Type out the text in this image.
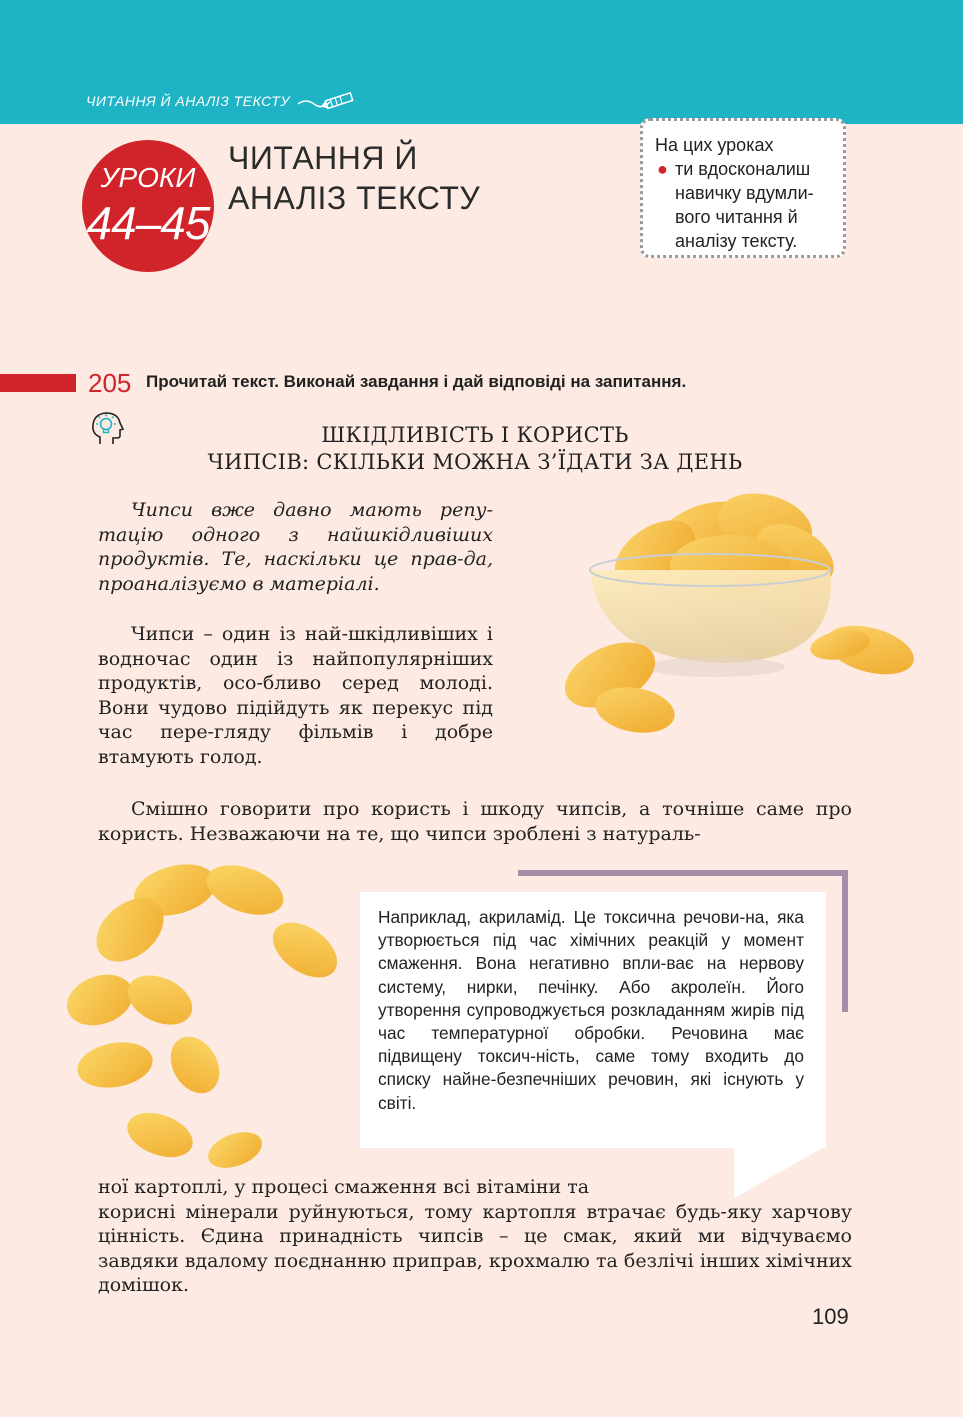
ЧИТАННЯ Й АНАЛІЗ ТЕКСТУ
УРОКИ
44–45
ЧИТАННЯ Й
АНАЛІЗ ТЕКСТУ
На цих уроках
● ти вдосконалиш навичку вдумли-вого читання й аналізу тексту.
205 Прочитай текст. Виконай завдання і дай відповіді на запитання.
ШКІДЛИВІСТЬ І КОРИСТЬ
ЧИПСІВ: СКІЛЬКИ МОЖНА З’ЇДАТИ ЗА ДЕНЬ
Чипси вже давно мають репу-тацію одного з найшкідливіших продуктів. Те, наскільки це прав-да, проаналізуємо в матеріалі.
Чипси – один із най-шкідливіших і водночас один із найпопулярніших продуктів, осо-бливо серед молоді. Вони чудово підійдуть як перекус під час пере-гляду фільмів і добре втамують голод.
Смішно говорити про користь і шкоду чипсів, а точніше саме про користь. Незважаючи на те, що чипси зроблені з натураль-
Наприклад, акриламід. Це токсична речови-на, яка утворюється під час хімічних реакцій у момент смаження. Вона негативно впли-ває на нервову систему, нирки, печінку. Або акролеїн. Його утворення супроводжується розкладанням жирів під час температурної обробки. Речовина має підвищену токсич-ність, саме тому входить до списку найне-безпечніших речовин, які існують у світі.
ної картоплі, у процесі смаження всі вітаміни та
корисні мінерали руйнуються, тому картопля втрачає будь-яку харчову цінність. Єдина принадність чипсів – це смак, який ми відчуваємо завдяки вдалому поєднанню приправ, крохмалю та безлічі інших хімічних домішок.
109
